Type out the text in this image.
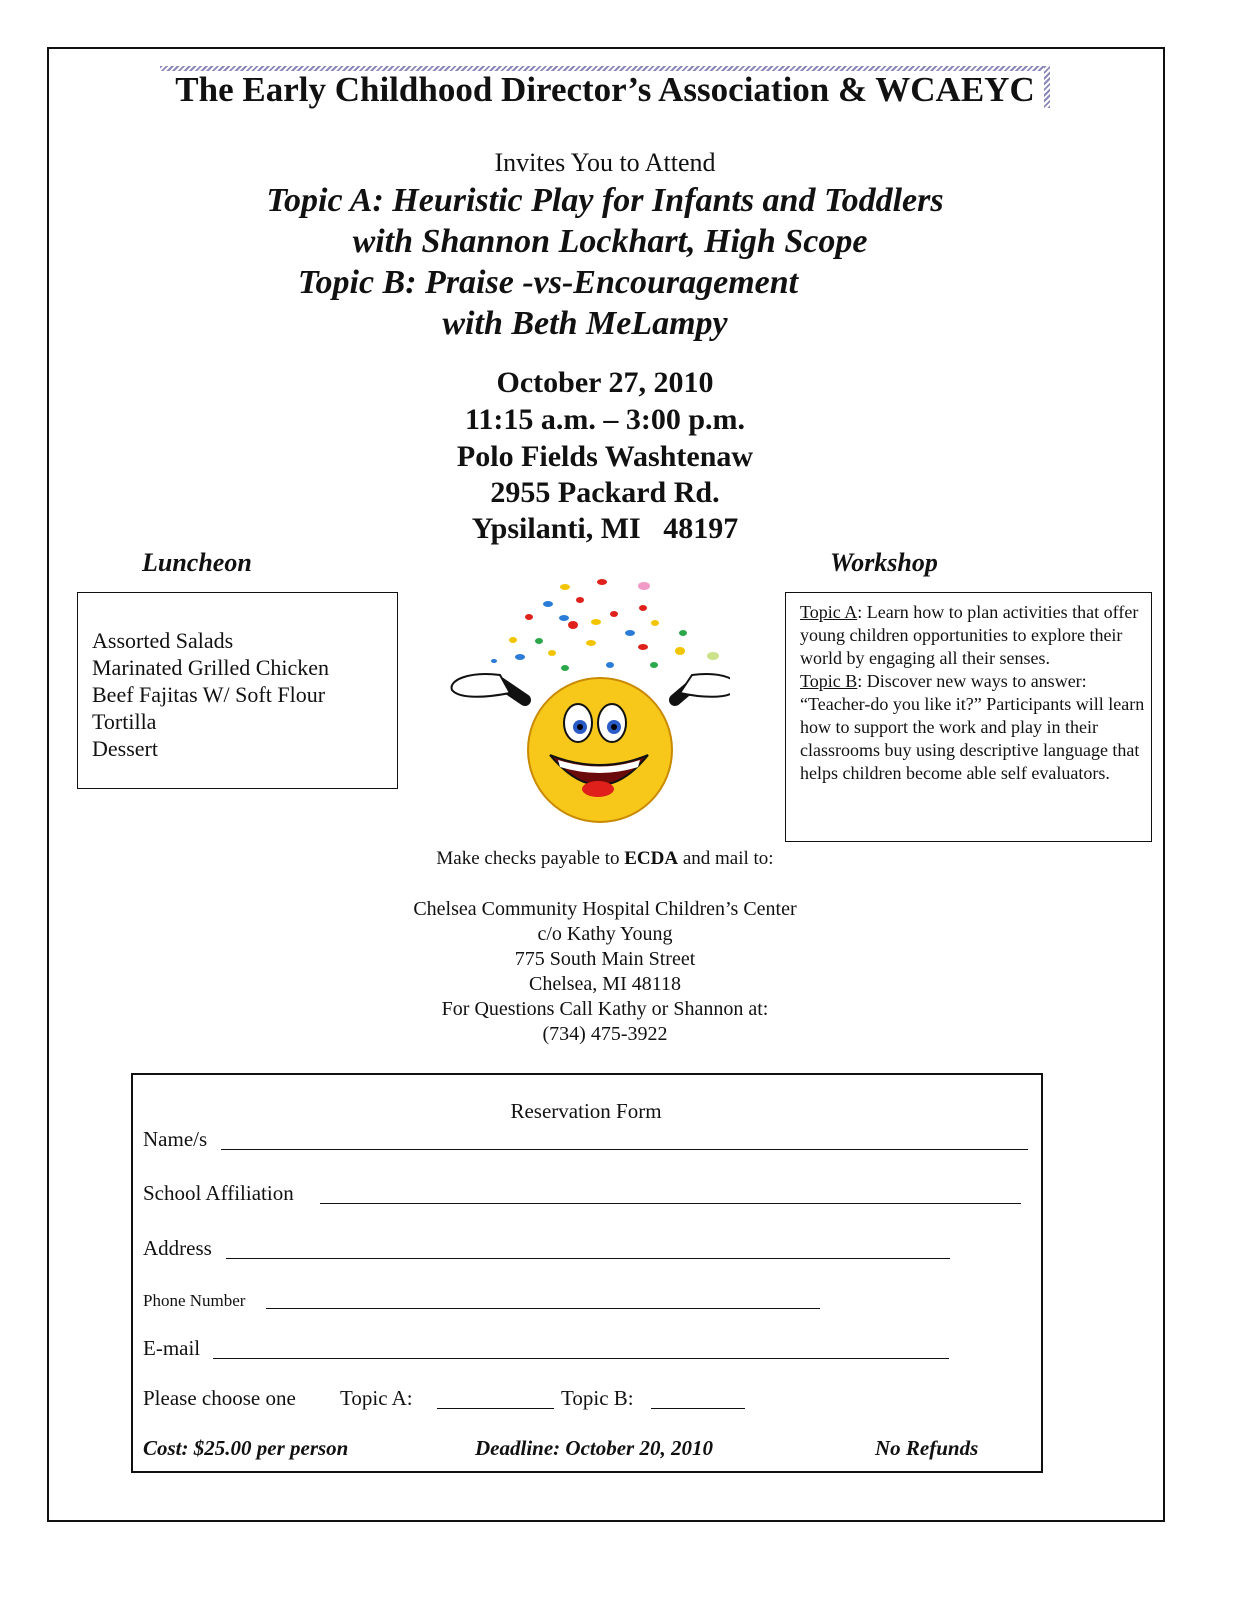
The Early Childhood Director’s Association & WCAEYC
Invites You to Attend
Topic A: Heuristic Play for Infants and Toddlers
with Shannon Lockhart, High Scope
Topic B: Praise -vs-Encouragement
with Beth MeLampy
October 27, 2010
11:15 a.m. – 3:00 p.m.
Polo Fields Washtenaw
2955 Packard Rd.
Ypsilanti, MI   48197
Luncheon	Workshop
Assorted Salads
Marinated Grilled Chicken
Beef Fajitas W/ Soft Flour
Tortilla
Dessert
Topic A: Learn how to plan activities that offer young children opportunities to explore their world by engaging all their senses.
Topic B: Discover new ways to answer: “Teacher-do you like it?” Participants will learn how to support the work and play in their classrooms buy using descriptive language that helps children become able self evaluators.
Make checks payable to ECDA and mail to:
Chelsea Community Hospital Children’s Center
c/o Kathy Young
775 South Main Street
Chelsea, MI 48118
For Questions Call Kathy or Shannon at:
(734) 475-3922
Reservation Form
Name/s
School Affiliation
Address
Phone Number
E-mail
Please choose one Topic A:	Topic B:
Cost: $25.00 per person	Deadline: October 20, 2010	No Refunds
